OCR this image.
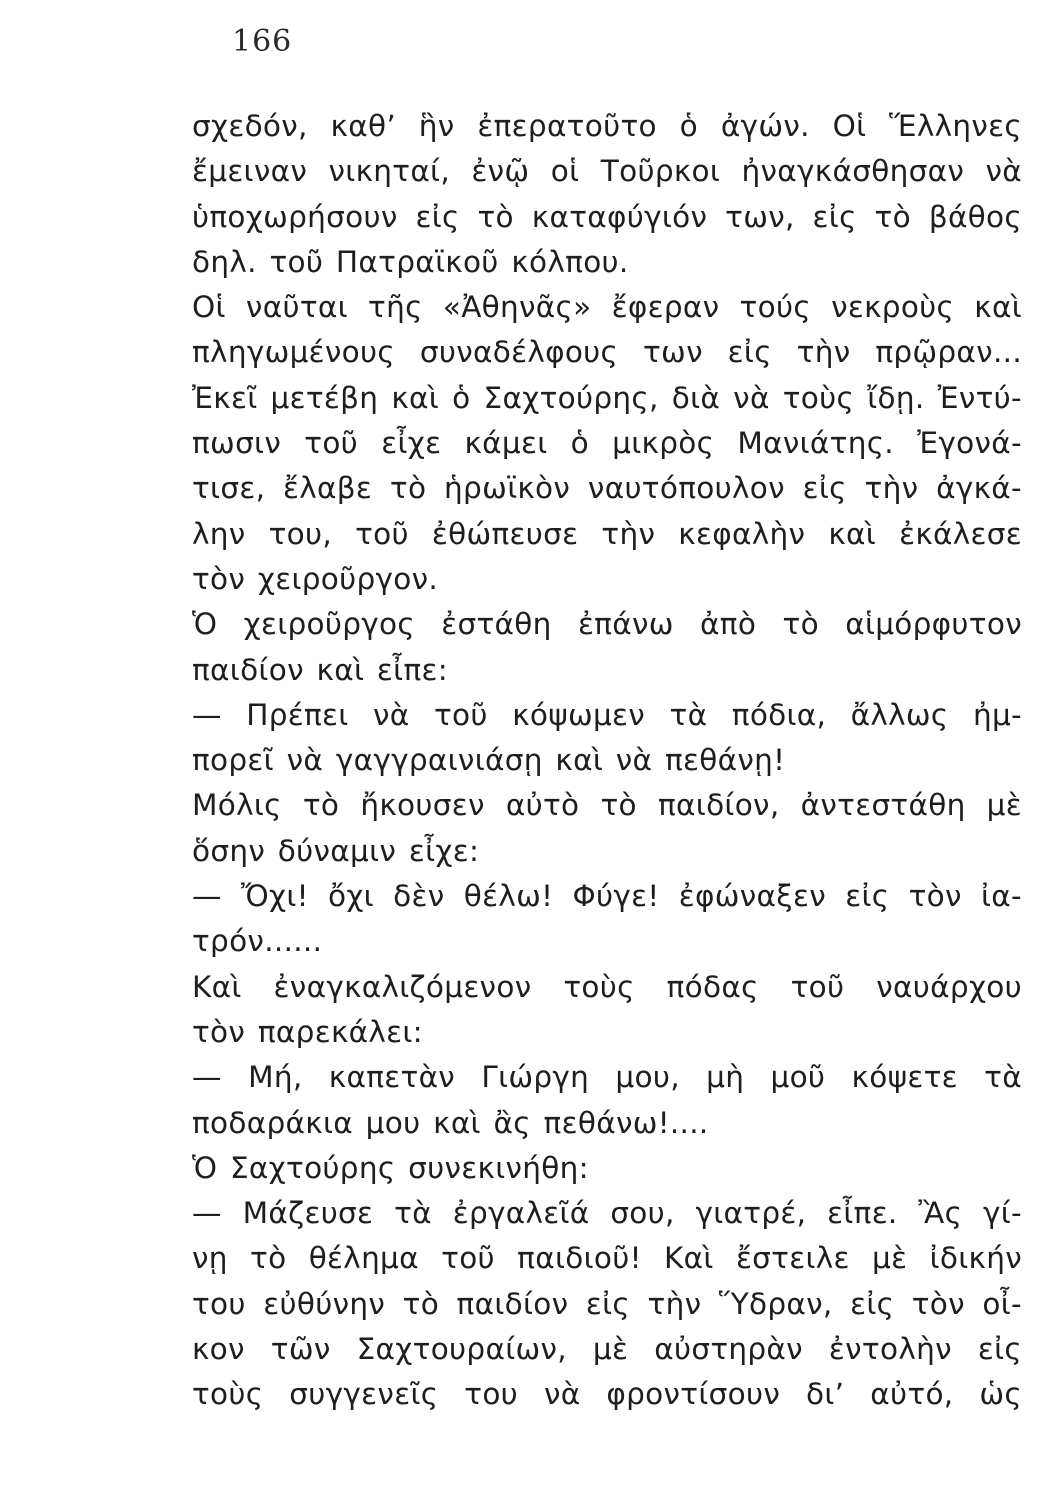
166
σχεδόν, καθ’ ἣν ἐπερατοῦτο ὁ ἀγών. Οἱ Ἕλληνες
ἔμειναν νικηταί, ἐνῷ οἱ Τοῦρκοι ἠναγκάσθησαν νὰ
ὑποχωρήσουν εἰς τὸ καταφύγιόν των, εἰς τὸ βάθος
δηλ. τοῦ Πατραϊκοῦ κόλπου.
Οἱ ναῦται τῆς «Ἀθηνᾶς» ἔφεραν τούς νεκροὺς καὶ
πληγωμένους συναδέλφους των εἰς τὴν πρῷραν...
Ἐκεῖ μετέβη καὶ ὁ Σαχτούρης, διὰ νὰ τοὺς ἴδῃ. Ἐντύ-
πωσιν τοῦ εἶχε κάμει ὁ μικρὸς Μανιάτης. Ἐγονά-
τισε, ἔλαβε τὸ ἡρωϊκὸν ναυτόπουλον εἰς τὴν ἀγκά-
λην του, τοῦ ἐθώπευσε τὴν κεφαλὴν καὶ ἐκάλεσε
τὸν χειροῦργον.
Ὁ χειροῦργος ἐστάθη ἐπάνω ἀπὸ τὸ αἱμόρφυτον
παιδίον καὶ εἶπε:
— Πρέπει νὰ τοῦ κόψωμεν τὰ πόδια, ἄλλως ἠμ-
πορεῖ νὰ γαγγραινιάσῃ καὶ νὰ πεθάνῃ!
Μόλις τὸ ἤκουσεν αὐτὸ τὸ παιδίον, ἀντεστάθη μὲ
ὅσην δύναμιν εἶχε:
— Ὄχι! ὄχι δὲν θέλω! Φύγε! ἐφώναξεν εἰς τὸν ἰα-
τρόν......
Καὶ ἐναγκαλιζόμενον τοὺς πόδας τοῦ ναυάρχου
τὸν παρεκάλει:
— Μή, καπετὰν Γιώργη μου, μὴ μοῦ κόψετε τὰ
ποδαράκια μου καὶ ἂς πεθάνω!....
Ὁ Σαχτούρης συνεκινήθη:
— Μάζευσε τὰ ἐργαλεῖά σου, γιατρέ, εἶπε. Ἂς γί-
νῃ τὸ θέλημα τοῦ παιδιοῦ! Καὶ ἔστειλε μὲ ἰδικήν
του εὐθύνην τὸ παιδίον εἰς τὴν Ὕδραν, εἰς τὸν οἶ-
κον τῶν Σαχτουραίων, μὲ αὐστηρὰν ἐντολὴν εἰς
τοὺς συγγενεῖς του νὰ φροντίσουν δι’ αὐτό, ὡς
